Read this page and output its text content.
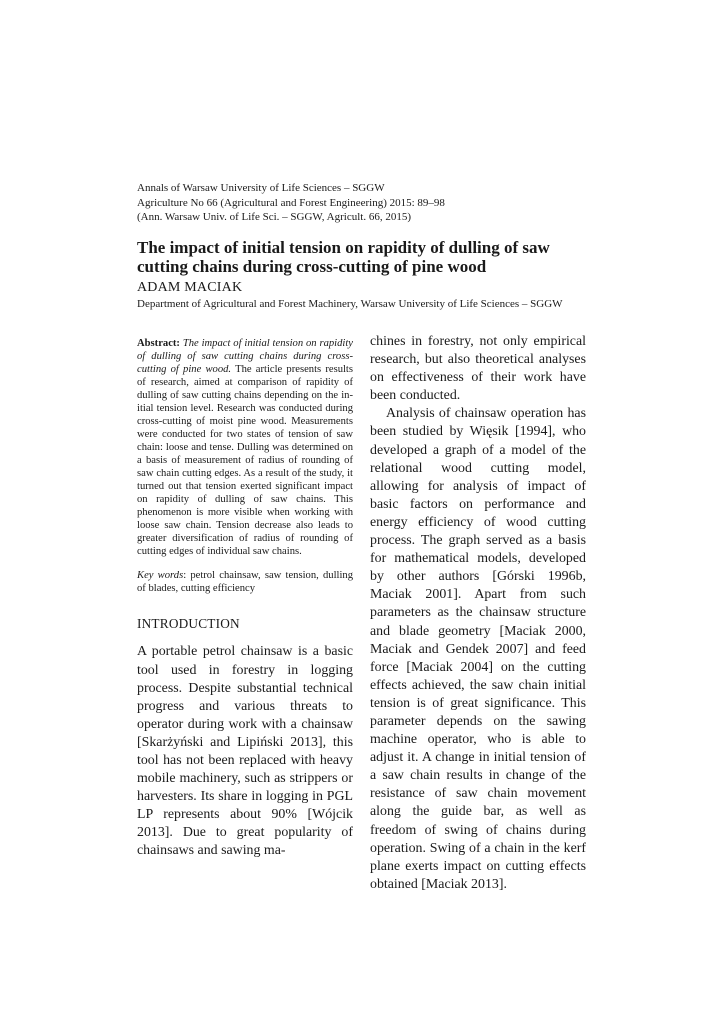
Annals of Warsaw University of Life Sciences – SGGW
Agriculture No 66 (Agricultural and Forest Engineering) 2015: 89–98
(Ann. Warsaw Univ. of Life Sci. – SGGW, Agricult. 66, 2015)
The impact of initial tension on rapidity of dulling of saw cutting chains during cross-cutting of pine wood
ADAM MACIAK
Department of Agricultural and Forest Machinery, Warsaw University of Life Sciences – SGGW

Abstract: The impact of initial tension on rapidity of dulling of saw cutting chains during cross-cutting of pine wood. The article presents results of research, aimed at comparison of rapidity of dulling of saw cutting chains depending on the initial tension level. Research was conducted during cross-cutting of moist pine wood. Measurements were conducted for two states of tension of saw chain: loose and tense. Dulling was determined on a basis of measurement of radius of rounding of saw chain cutting edges. As a result of the study, it turned out that tension exerted significant impact on rapidity of dulling of saw chains. This phenomenon is more visible when working with loose saw chain. Tension decrease also leads to greater diversification of radius of rounding of cutting edges of individual saw chains.

Key words: petrol chainsaw, saw tension, dulling of blades, cutting efficiency

INTRODUCTION

A portable petrol chainsaw is a basic tool used in forestry in logging process. Despite substantial technical progress and various threats to operator during work with a chainsaw [Skarżyński and Lipiński 2013], this tool has not been replaced with heavy mobile machinery, such as strippers or harvesters. Its share in logging in PGL LP represents about 90% [Wójcik 2013]. Due to great popularity of chainsaws and sawing ma-

chines in forestry, not only empirical research, but also theoretical analyses on effectiveness of their work have been conducted.

Analysis of chainsaw operation has been studied by Więsik [1994], who developed a graph of a model of the relational wood cutting model, allowing for analysis of impact of basic factors on performance and energy efficiency of wood cutting process. The graph served as a basis for mathematical models, developed by other authors [Górski 1996b, Maciak 2001]. Apart from such parameters as the chainsaw structure and blade geometry [Maciak 2000, Maciak and Gendek 2007] and feed force [Maciak 2004] on the cutting effects achieved, the saw chain initial tension is of great significance. This parameter depends on the sawing machine operator, who is able to adjust it. A change in initial tension of a saw chain results in change of the resistance of saw chain movement along the guide bar, as well as freedom of swing of chains during operation. Swing of a chain in the kerf plane exerts impact on cutting effects obtained [Maciak 2013].
